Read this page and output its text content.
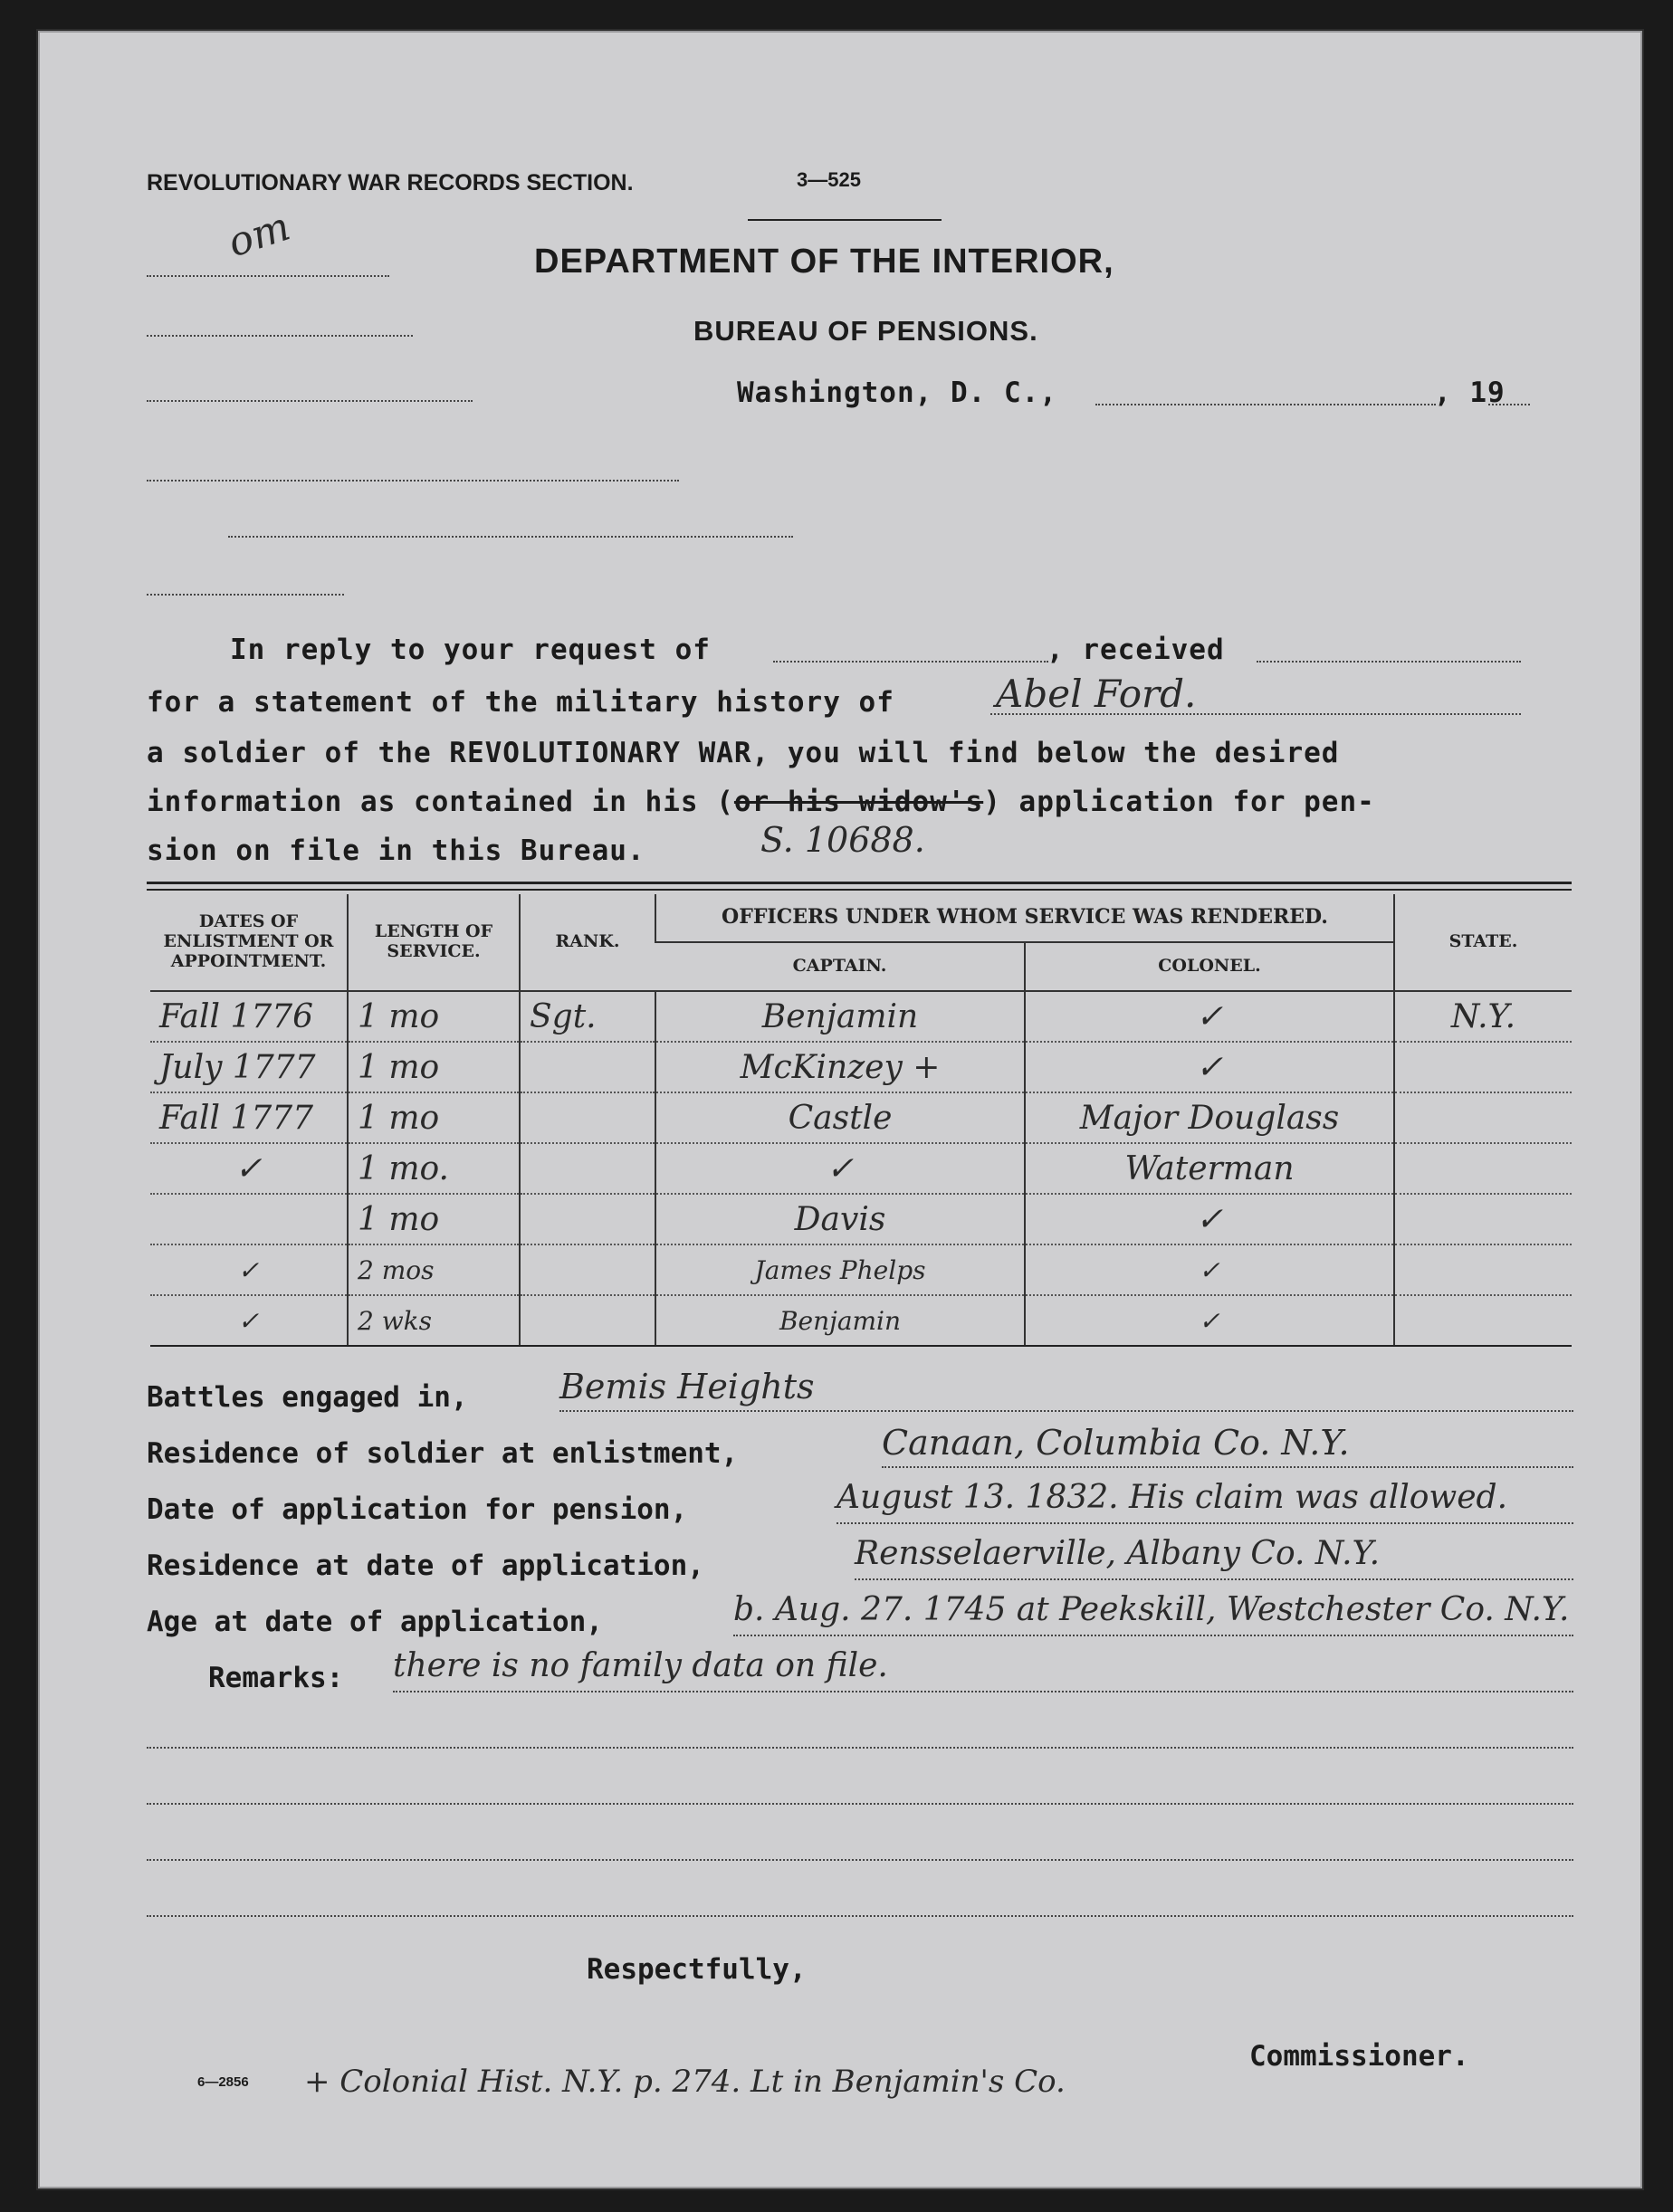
REVOLUTIONARY WAR RECORDS SECTION.
om
3—525
DEPARTMENT OF THE INTERIOR,
BUREAU OF PENSIONS.
Washington, D. C.,	, 19
In reply to your request of	, received
for a statement of the military history of	Abel Ford.
a soldier of the REVOLUTIONARY WAR, you will find below the desired
information as contained in his (or his widow's) application for pen-
sion on file in this Bureau.	S. 10688.
DATES OF ENLISTMENT OR APPOINTMENT.	LENGTH OF SERVICE.	RANK.	OFFICERS UNDER WHOM SERVICE WAS RENDERED.		STATE.
			CAPTAIN.	COLONEL.	
Fall 1776	1 mo	Sgt.	Benjamin	✓	N.Y.
July 1777	1 mo		McKinzey +	✓	
Fall 1777	1 mo		Castle	Major Douglass	
✓	1 mo.		✓	Waterman	
	1 mo		Davis	✓	
✓	2 mos		James Phelps	✓	
✓	2 wks		Benjamin	✓	
Battles engaged in,	Bemis Heights
Residence of soldier at enlistment,	Canaan, Columbia Co. N.Y.
Date of application for pension,	August 13. 1832. His claim was allowed.
Residence at date of application,	Rensselaerville, Albany Co. N.Y.
Age at date of application,	b. Aug. 27. 1745 at Peekskill, Westchester Co. N.Y.
Remarks: there is no family data on file.
Respectfully,
Commissioner.
6—2856 + Colonial Hist. N.Y. p. 274. Lt in Benjamin's Co.
